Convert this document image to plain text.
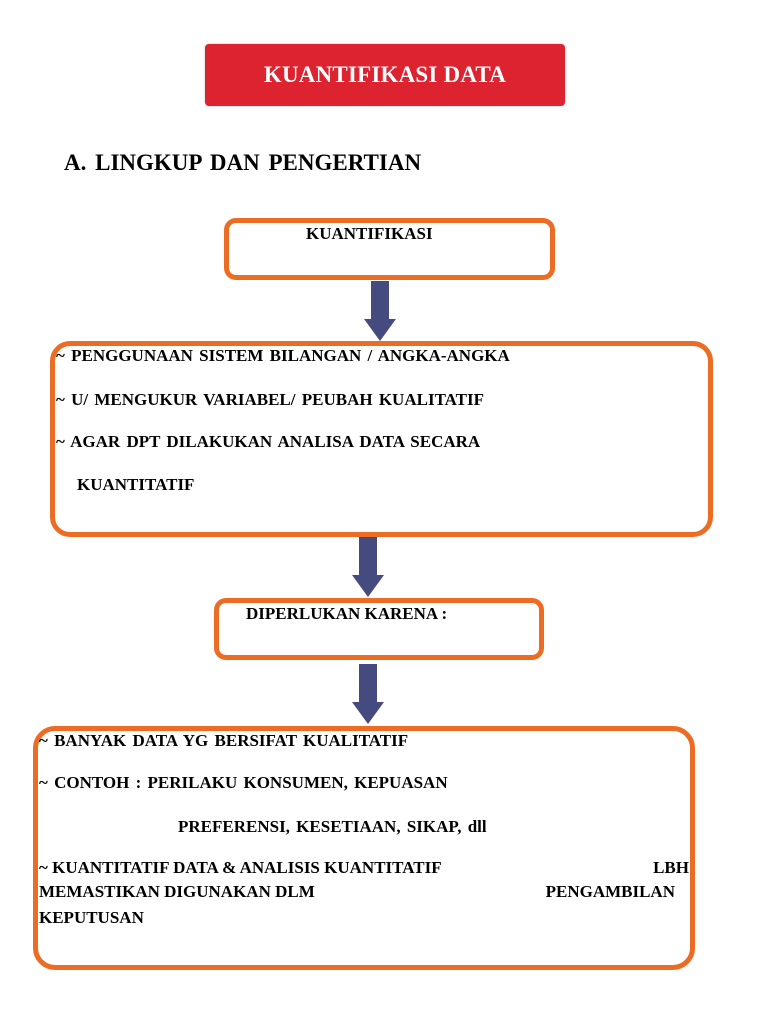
KUANTIFIKASI DATA
A. LINGKUP DAN PENGERTIAN
KUANTIFIKASI
~ PENGGUNAAN SISTEM BILANGAN / ANGKA-ANGKA
~ U/ MENGUKUR VARIABEL/ PEUBAH KUALITATIF
~ AGAR DPT DILAKUKAN ANALISA DATA SECARA
KUANTITATIF
DIPERLUKAN KARENA :
~ BANYAK DATA YG BERSIFAT KUALITATIF
~ CONTOH : PERILAKU KONSUMEN, KEPUASAN
PREFERENSI, KESETIAAN, SIKAP, dll
~ KUANTITATIF DATA & ANALISIS KUANTITATIF	LBH
MEMASTIKAN DIGUNAKAN DLM	PENGAMBILAN
KEPUTUSAN
